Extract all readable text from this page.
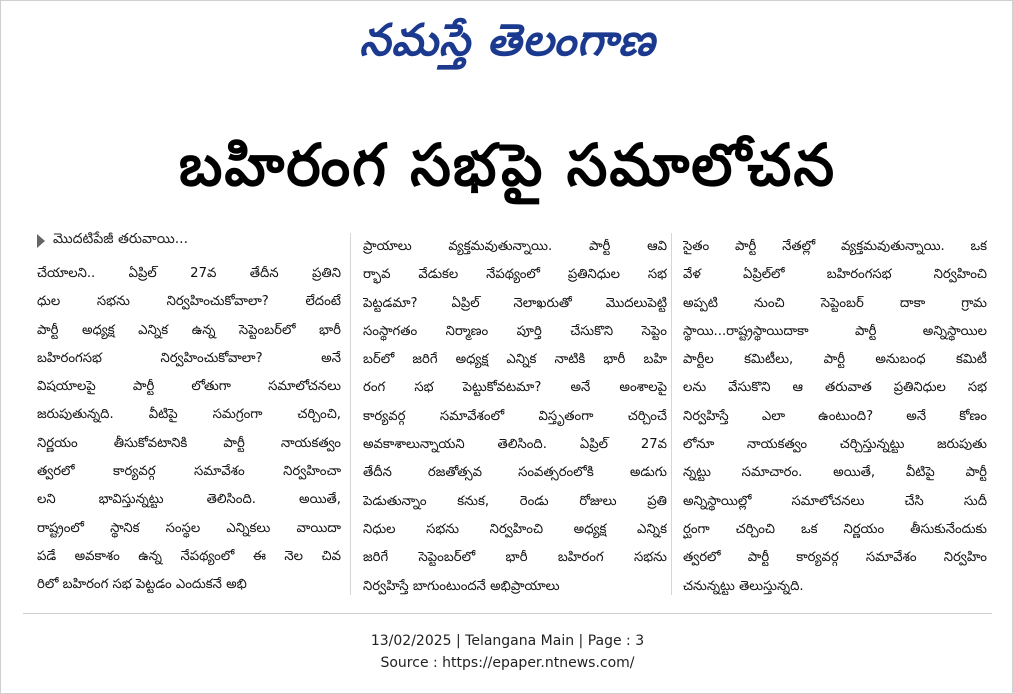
నమస్తే తెలంగాణ
బహిరంగ సభపై సమాలోచన
మొదటిపేజీ తరువాయి...
చేయాలని.. ఏప్రిల్ 27వ తేదీన ప్రతిని
ధుల సభను నిర్వహించుకోవాలా? లేదంటే
పార్టీ అధ్యక్ష ఎన్నిక ఉన్న సెప్టెంబర్‌లో భారీ
బహిరంగసభ నిర్వహించుకోవాలా? అనే
విషయాలపై పార్టీ లోతుగా సమాలోచనలు
జరుపుతున్నది. వీటిపై సమగ్రంగా చర్చించి,
నిర్ణయం తీసుకోవటానికి పార్టీ నాయకత్వం
త్వరలో కార్యవర్గ సమావేశం నిర్వహించా
లని భావిస్తున్నట్టు తెలిసింది. అయితే,
రాష్ట్రంలో స్థానిక సంస్థల ఎన్నికలు వాయిదా
పడే అవకాశం ఉన్న నేపథ్యంలో ఈ నెల చివ
రిలో బహిరంగ సభ పెట్టడం ఎందుకనే అభి
ప్రాయాలు వ్యక్తమవుతున్నాయి. పార్టీ ఆవి
ర్భావ వేడుకల నేపథ్యంలో ప్రతినిధుల సభ
పెట్టడమా? ఏప్రిల్ నెలాఖరుతో మొదలుపెట్టి
సంస్థాగతం నిర్మాణం పూర్తి చేసుకొని సెప్టెం
బర్‌లో జరిగే అధ్యక్ష ఎన్నిక నాటికి భారీ బహి
రంగ సభ పెట్టుకోవటమా? అనే అంశాలపై
కార్యవర్గ సమావేశంలో విస్తృతంగా చర్చించే
అవకాశాలున్నాయని తెలిసింది. ఏప్రిల్ 27వ
తేదీన రజతోత్సవ సంవత్సరంలోకి అడుగు
పెడుతున్నాం కనుక, రెండు రోజులు ప్రతి
నిధుల సభను నిర్వహించి అధ్యక్ష ఎన్నిక
జరిగే సెప్టెంబర్‌లో భారీ బహిరంగ సభను
నిర్వహిస్తే బాగుంటుందనే అభిప్రాయాలు
సైతం పార్టీ నేతల్లో వ్యక్తమవుతున్నాయి. ఒక
వేళ ఏప్రిల్‌లో బహిరంగసభ నిర్వహించి
అప్పటి నుంచి సెప్టెంబర్ దాకా గ్రామ
స్థాయి...రాష్ట్రస్థాయిదాకా పార్టీ అన్నిస్థాయిల
పార్టీల కమిటీలు, పార్టీ అనుబంధ కమిటీ
లను వేసుకొని ఆ తరువాత ప్రతినిధుల సభ
నిర్వహిస్తే ఎలా ఉంటుంది? అనే కోణం
లోనూ నాయకత్వం చర్చిస్తున్నట్టు జరుపుతు
న్నట్టు సమాచారం. అయితే, వీటిపై పార్టీ
అన్నిస్థాయిల్లో సమాలోచనలు చేసి సుదీ
ర్ఘంగా చర్చించి ఒక నిర్ణయం తీసుకునేందుకు
త్వరలో పార్టీ కార్యవర్గ సమావేశం నిర్వహిం
చనున్నట్టు తెలుస్తున్నది.
13/02/2025 | Telangana Main | Page : 3
Source : https://epaper.ntnews.com/
